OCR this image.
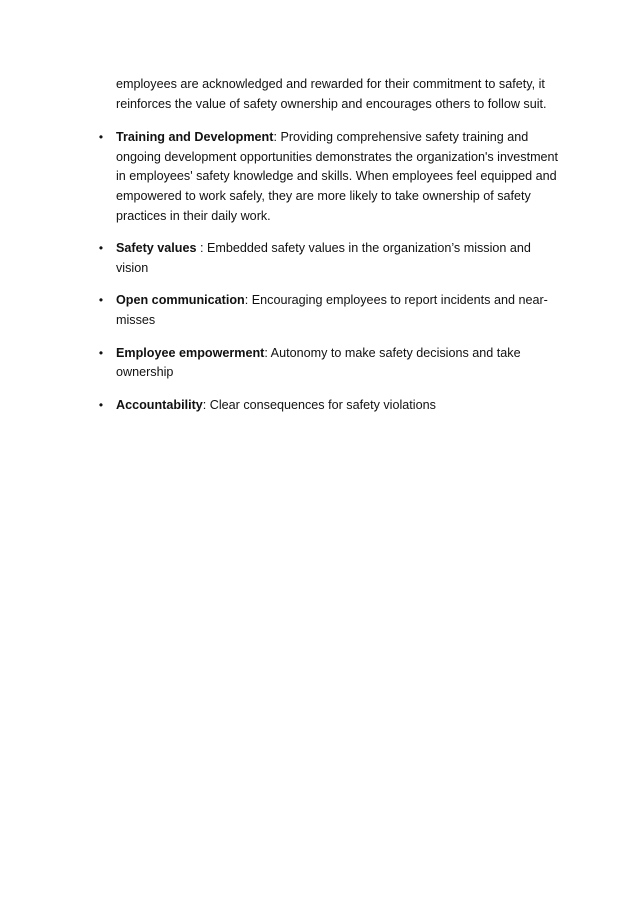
employees are acknowledged and rewarded for their commitment to safety, it reinforces the value of safety ownership and encourages others to follow suit.

• Training and Development: Providing comprehensive safety training and ongoing development opportunities demonstrates the organization's investment in employees' safety knowledge and skills. When employees feel equipped and empowered to work safely, they are more likely to take ownership of safety practices in their daily work.
• Safety values : Embedded safety values in the organization’s mission and vision
• Open communication: Encouraging employees to report incidents and near-misses
• Employee empowerment: Autonomy to make safety decisions and take ownership
• Accountability: Clear consequences for safety violations
